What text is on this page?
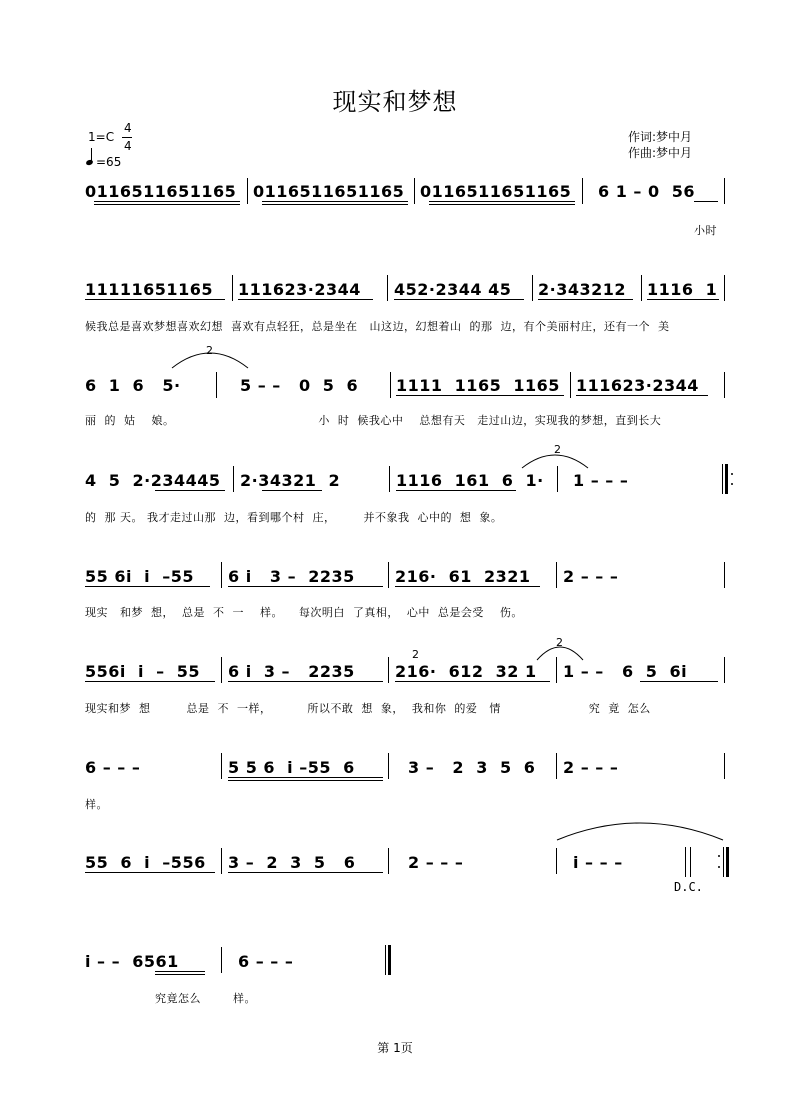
现实和梦想
1=C
4
4
=65
作词:梦中月
作曲:梦中月
0116511651165 0116511651165 0116511651165 6 1 – 0  56
小时
11111651165 111623·2344 452·2344 45 2·343212 1116  1
候我总是喜欢梦想喜欢幻想  喜欢有点轻狂，总是坐在   山这边，幻想着山  的那  边，有个美丽村庄，还有一个  美
2
6  1  6   5·	5 – –   0  5  6 1111  1165  1165 111623·2344
丽  的  姑    娘。                                    小  时  候我心中    总想有天   走过山边，实现我的梦想，直到长大
2
4  5  2·234445 2·34321  2	1116  161  6  1· 1 – – –
的  那 天。 我才走过山那  边，看到哪个村  庄，       并不象我  心中的  想  象。
55 6i  i  –55 6 i   3 –  2235	216·  61  2321 2 – – –
现实   和梦  想，  总是  不  一    样。    每次明白  了真相，  心中  总是会受    伤。
2
2
556i  i  –  55 6 i  3 –   2235	216·  612  32 1 1 – –   6  5  6i
现实和梦  想         总是  不  一样，         所以不敢  想  象，  我和你  的爱   情                      究  竟  怎么
6 – – –	5 5 6  i –55  6	3 –   2  3  5  6 2 – – –
样。
55  6  i  –556 3 –  2  3  5   6	2 – – –	i – – –
D.C.
i – –  6561	6 – – –
究竟怎么        样。
第 1页
